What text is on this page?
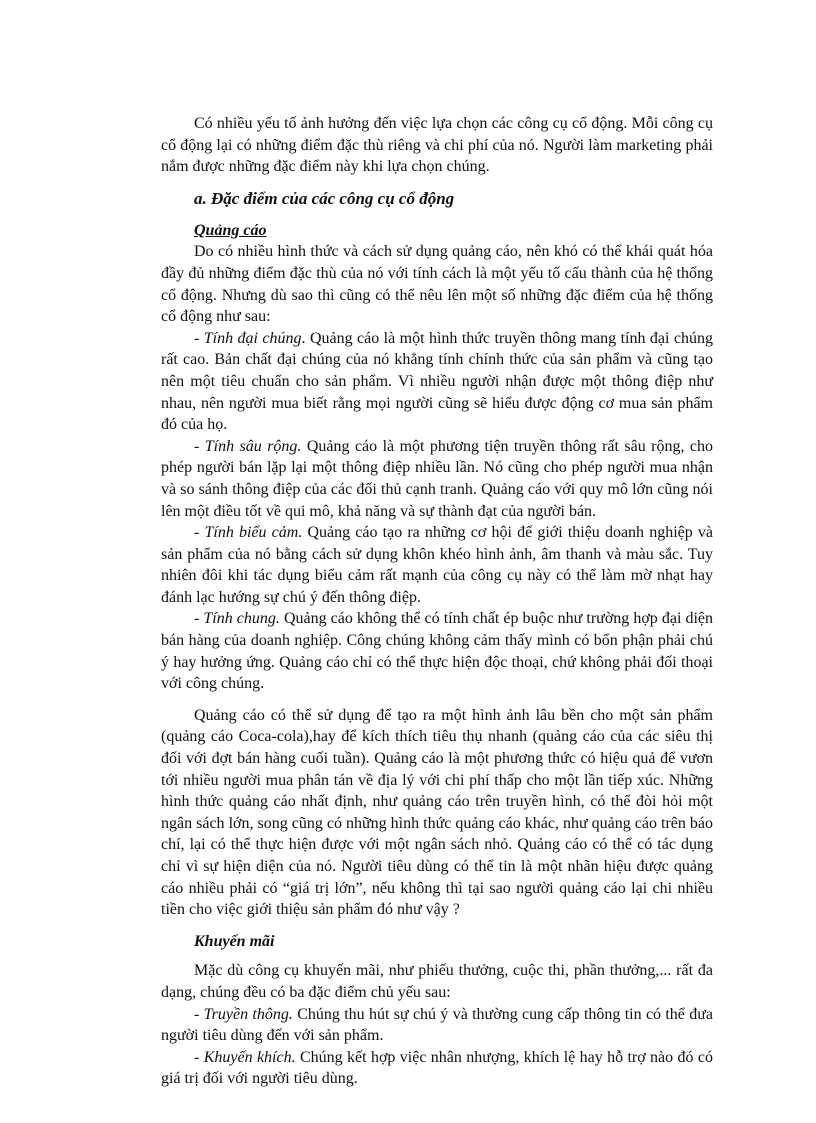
Có nhiều yếu tố ảnh hưởng đến việc lựa chọn các công cụ cổ động. Mỗi công cụ cổ động lại có những điểm đặc thù riêng và chi phí của nó. Người làm marketing phải nắm được những đặc điểm này khi lựa chọn chúng.

a. Đặc điểm của các công cụ cổ động

Quảng cáo

Do có nhiều hình thức và cách sử dụng quảng cáo, nên khó có thể khái quát hóa đầy đủ những điểm đặc thù của nó với tính cách là một yếu tố cấu thành của hệ thống cổ động. Nhưng dù sao thì cũng có thể nêu lên một số những đặc điểm của hệ thống cổ động như sau:

- Tính đại chúng. Quảng cáo là một hình thức truyền thông mang tính đại chúng rất cao. Bản chất đại chúng của nó khẳng tính chính thức của sản phẩm và cũng tạo nên một tiêu chuẩn cho sản phẩm. Vì nhiều người nhận được một thông điệp như nhau, nên người mua biết rằng mọi người cũng sẽ hiểu được động cơ mua sản phẩm đó của họ.

- Tính sâu rộng. Quảng cáo là một phương tiện truyền thông rất sâu rộng, cho phép người bán lặp lại một thông điệp nhiều lần. Nó cũng cho phép người mua nhận và so sánh thông điệp của các đối thủ cạnh tranh. Quảng cáo với quy mô lớn cũng nói lên một điều tốt về qui mô, khả năng và sự thành đạt của người bán.

- Tính biểu cảm. Quảng cáo tạo ra những cơ hội để giới thiệu doanh nghiệp và sản phẩm của nó bằng cách sử dụng khôn khéo hình ảnh, âm thanh và màu sắc. Tuy nhiên đôi khi tác dụng biểu cảm rất mạnh của công cụ này có thể làm mờ nhạt hay đánh lạc hướng sự chú ý đến thông điệp.

- Tính chung. Quảng cáo không thể có tính chất ép buộc như trường hợp đại diện bán hàng của doanh nghiệp. Công chúng không cảm thấy mình có bổn phận phải chú ý hay hưởng ứng. Quảng cáo chỉ có thể thực hiện độc thoại, chứ không phải đối thoại với công chúng.

Quảng cáo có thể sử dụng để tạo ra một hình ảnh lâu bền cho một sản phẩm (quảng cáo Coca-cola),hay để kích thích tiêu thụ nhanh (quảng cáo của các siêu thị đối với đợt bán hàng cuối tuần). Quảng cáo là một phương thức có hiệu quả để vươn tới nhiều người mua phân tán về địa lý với chi phí thấp cho một lần tiếp xúc. Những hình thức quảng cáo nhất định, như quảng cáo trên truyền hình, có thể đòi hỏi một ngân sách lớn, song cũng có những hình thức quảng cáo khác, như quảng cáo trên báo chí, lại có thể thực hiện được với một ngân sách nhỏ. Quảng cáo có thể có tác dụng chỉ vì sự hiện diện của nó. Người tiêu dùng có thể tin là một nhãn hiệu được quảng cáo nhiều phải có “giá trị lớn”, nếu không thì tại sao người quảng cáo lại chi nhiều tiền cho việc giới thiệu sản phẩm đó như vậy ?

Khuyến mãi

Mặc dù công cụ khuyến mãi, như phiếu thưởng, cuộc thi, phần thưởng,... rất đa dạng, chúng đều có ba đặc điểm chủ yếu sau:

- Truyền thông. Chúng thu hút sự chú ý và thường cung cấp thông tin có thể đưa người tiêu dùng đến với sản phẩm.

- Khuyến khích. Chúng kết hợp việc nhân nhượng, khích lệ hay hỗ trợ nào đó có giá trị đối với người tiêu dùng.
